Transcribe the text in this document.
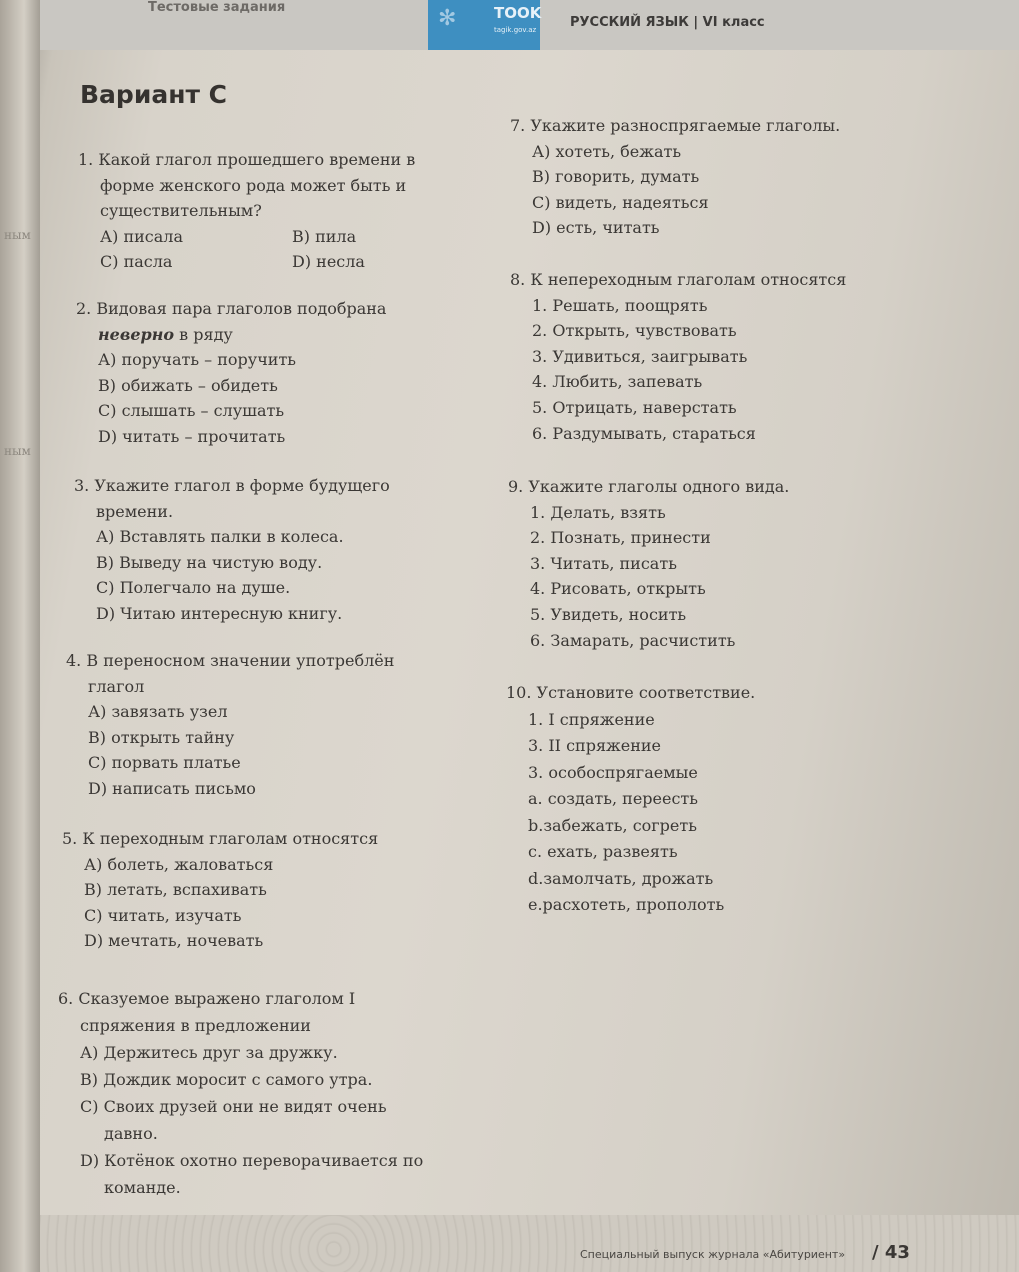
ным
ным
Тестовые задания	✻	TOOK
tagik.gov.az	РУССКИЙ ЯЗЫК | VI класс
Вариант С

1. Какой глагол прошедшего времени в

форме женского рода может быть и

существительным?

А) писала	В) пила

С) пасла	D) несла

2. Видовая пара глаголов подобрана

неверно в ряду

А) поручать – поручить

В) обижать – обидеть

С) слышать – слушать

D) читать – прочитать

3. Укажите глагол в форме будущего

времени.

А) Вставлять палки в колеса.

В) Выведу на чистую воду.

С) Полегчало на душе.

D) Читаю интересную книгу.

4. В переносном значении употреблён

глагол

А) завязать узел

В) открыть тайну

С) порвать платье

D) написать письмо

5. К переходным глаголам относятся

А) болеть, жаловаться

В) летать, вспахивать

С) читать, изучать

D) мечтать, ночевать

6. Сказуемое выражено глаголом I

спряжения в предложении

А) Держитесь друг за дружку.

В) Дождик моросит с самого утра.

С) Своих друзей они не видят очень

давно.

D) Котёнок охотно переворачивается по

команде.

7. Укажите разноспрягаемые глаголы.

А) хотеть, бежать

В) говорить, думать

С) видеть, надеяться

D) есть, читать

8. К непереходным глаголам относятся

1. Решать, поощрять

2. Открыть, чувствовать

3. Удивиться, заигрывать

4. Любить, запевать

5. Отрицать, наверстать

6. Раздумывать, стараться

9. Укажите глаголы одного вида.

1. Делать, взять

2. Познать, принести

3. Читать, писать

4. Рисовать, открыть

5. Увидеть, носить

6. Замарать, расчистить

10. Установите соответствие.

1. I спряжение

3. II спряжение

3. особоспрягаемые

а. создать, переесть

b.забежать, согреть

с. ехать, развеять

d.замолчать, дрожать

e.расхотеть, прополоть

Специальный выпуск журнала «Абитуриент» / 43
